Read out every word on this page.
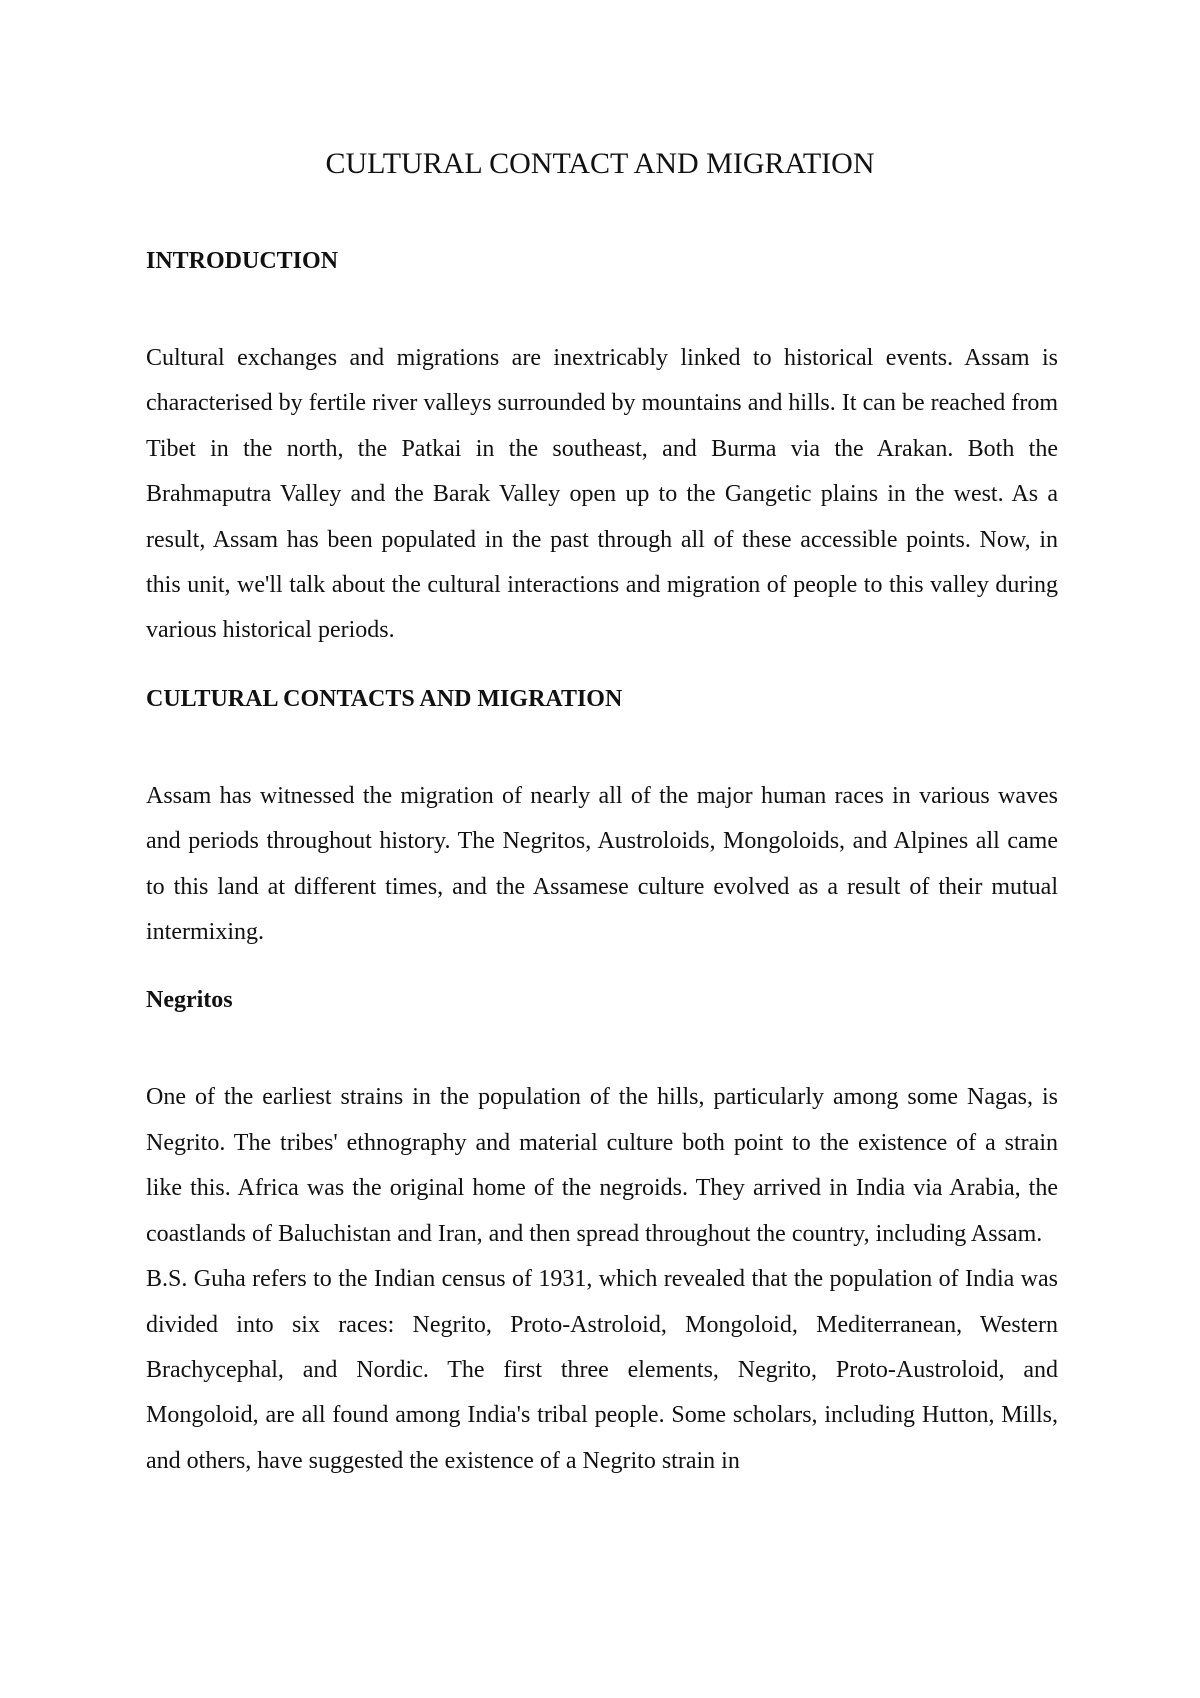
CULTURAL CONTACT AND MIGRATION
INTRODUCTION

Cultural exchanges and migrations are inextricably linked to historical events. Assam is characterised by fertile river valleys surrounded by mountains and hills. It can be reached from Tibet in the north, the Patkai in the southeast, and Burma via the Arakan. Both the Brahmaputra Valley and the Barak Valley open up to the Gangetic plains in the west. As a result, Assam has been populated in the past through all of these accessible points. Now, in this unit, we'll talk about the cultural interactions and migration of people to this valley during various historical periods.

CULTURAL CONTACTS AND MIGRATION

Assam has witnessed the migration of nearly all of the major human races in various waves and periods throughout history. The Negritos, Austroloids, Mongoloids, and Alpines all came to this land at different times, and the Assamese culture evolved as a result of their mutual intermixing.

Negritos

One of the earliest strains in the population of the hills, particularly among some Nagas, is Negrito. The tribes' ethnography and material culture both point to the existence of a strain like this. Africa was the original home of the negroids. They arrived in India via Arabia, the coastlands of Baluchistan and Iran, and then spread throughout the country, including Assam.

B.S. Guha refers to the Indian census of 1931, which revealed that the population of India was divided into six races: Negrito, Proto-Astroloid, Mongoloid, Mediterranean, Western Brachycephal, and Nordic. The first three elements, Negrito, Proto-Austroloid, and Mongoloid, are all found among India's tribal people. Some scholars, including Hutton, Mills, and others, have suggested the existence of a Negrito strain in
